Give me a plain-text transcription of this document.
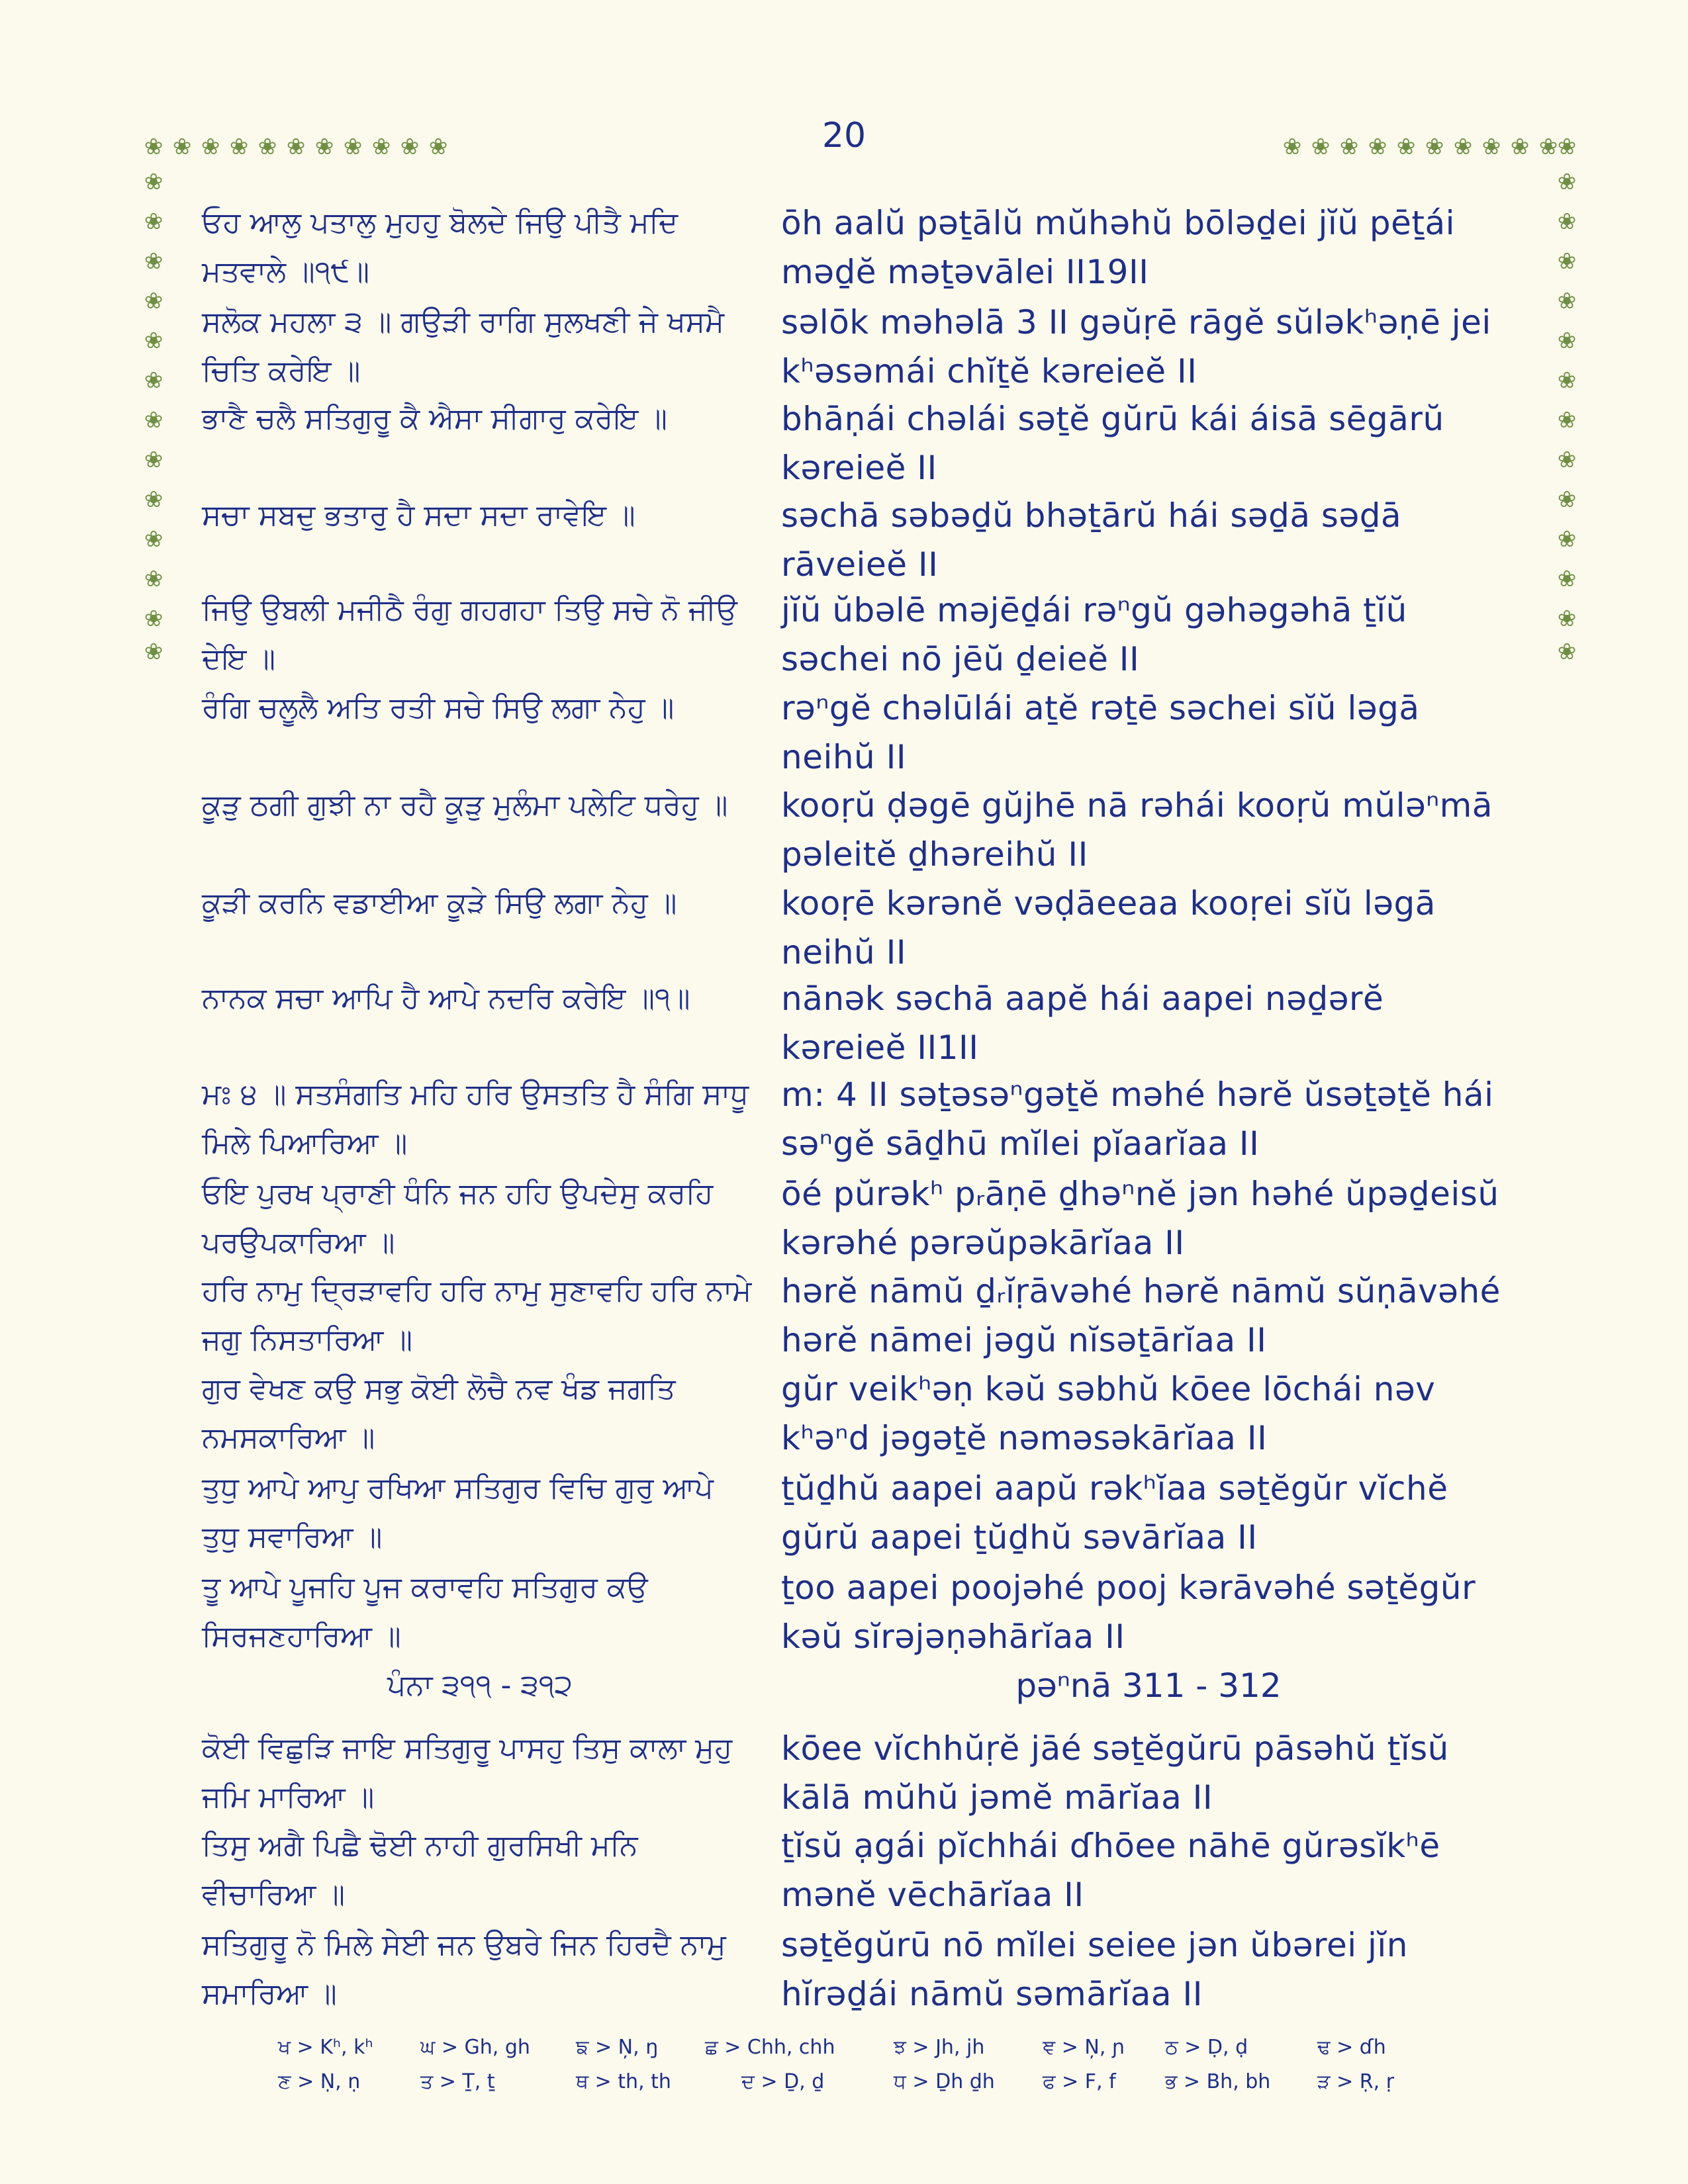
20
❀
❀
❀
❀
❀
❀
❀
❀
❀
❀
❀
❀
❀
❀
❀
❀
❀
❀
❀
❀
❀
❀
❀
❀
❀
❀
❀
❀
❀
❀
❀
❀
❀
❀
❀
❀
❀
❀
❀
❀
❀
❀
❀
❀
❀
❀
❀
❀
ਓਹ ਆਲੁ ਪਤਾਲੁ ਮੁਹਹੁ ਬੋਲਦੇ ਜਿਉ ਪੀਤੈ ਮਦਿ ਮਤਵਾਲੇ ॥੧੯॥
ōh aalŭ pəṯālŭ mŭhəhŭ bōləḏei jĭŭ pēṯái məḏĕ məṯəvālei II19II
ਸਲੋਕ ਮਹਲਾ ੩ ॥ ਗਉੜੀ ਰਾਗਿ ਸੁਲਖਣੀ ਜੇ ਖਸਮੈ ਚਿਤਿ ਕਰੇਇ ॥
səlōk məhəlā 3 II gəŭṛē rāgĕ sŭləkʰəṇē jei kʰəsəmái chĭṯĕ kəreieĕ II
ਭਾਣੈ ਚਲੈ ਸਤਿਗੁਰੂ ਕੈ ਐਸਾ ਸੀਗਾਰੁ ਕਰੇਇ ॥	bhāṇái chəlái səṯĕ gŭrū kái áisā sēgārŭ kəreieĕ II
ਸਚਾ ਸਬਦੁ ਭਤਾਰੁ ਹੈ ਸਦਾ ਸਦਾ ਰਾਵੇਇ ॥	səchā səbəḏŭ bhəṯārŭ hái səḏā səḏā rāveieĕ II
ਜਿਉ ਉਬਲੀ ਮਜੀਠੈ ਰੰਗੁ ਗਹਗਹਾ ਤਿਉ ਸਚੇ ਨੋ ਜੀਉ ਦੇਇ ॥
jĭŭ ŭbəlē məjēḏái rəⁿgŭ gəhəgəhā ṯĭŭ səchei nō jēŭ ḏeieĕ II
ਰੰਗਿ ਚਲੂਲੈ ਅਤਿ ਰਤੀ ਸਚੇ ਸਿਉ ਲਗਾ ਨੇਹੁ ॥	rəⁿgĕ chəlūlái aṯĕ rəṯē səchei sĭŭ ləgā neihŭ II
ਕੂੜੁ ਠਗੀ ਗੁਝੀ ਨਾ ਰਹੈ ਕੂੜੁ ਮੁਲੰਮਾ ਪਲੇਟਿ ਧਰੇਹੁ ॥	kooṛŭ ḍəgē gŭjhē nā rəhái kooṛŭ mŭləⁿmā pəleitĕ ḏhəreihŭ II
ਕੂੜੀ ਕਰਨਿ ਵਡਾਈਆ ਕੂੜੇ ਸਿਉ ਲਗਾ ਨੇਹੁ ॥	kooṛē kərənĕ vəḍāeeaa kooṛei sĭŭ ləgā neihŭ II
ਨਾਨਕ ਸਚਾ ਆਪਿ ਹੈ ਆਪੇ ਨਦਰਿ ਕਰੇਇ ॥੧॥	nānək səchā aapĕ hái aapei nəḏərĕ kəreieĕ II1II
ਮਃ ੪ ॥ ਸਤਸੰਗਤਿ ਮਹਿ ਹਰਿ ਉਸਤਤਿ ਹੈ ਸੰਗਿ ਸਾਧੂ ਮਿਲੇ ਪਿਆਰਿਆ ॥
m: 4 II səṯəsəⁿgəṯĕ məhé hərĕ ŭsəṯəṯĕ hái səⁿgĕ sāḏhū mĭlei pĭaarĭaa II
ਓਇ ਪੁਰਖ ਪ੍ਰਾਣੀ ਧੰਨਿ ਜਨ ਹਹਿ ਉਪਦੇਸੁ ਕਰਹਿ ਪਰਉਪਕਾਰਿਆ ॥
ōé pŭrəkʰ pᵣāṇē ḏhəⁿnĕ jən həhé ŭpəḏeisŭ kərəhé pərəŭpəkārĭaa II
ਹਰਿ ਨਾਮੁ ਦ੍ਰਿੜਾਵਹਿ ਹਰਿ ਨਾਮੁ ਸੁਣਾਵਹਿ ਹਰਿ ਨਾਮੇ ਜਗੁ ਨਿਸਤਾਰਿਆ ॥
hərĕ nāmŭ ḏᵣĭṛāvəhé hərĕ nāmŭ sŭṇāvəhé hərĕ nāmei jəgŭ nĭsəṯārĭaa II
ਗੁਰ ਵੇਖਣ ਕਉ ਸਭੁ ਕੋਈ ਲੋਚੈ ਨਵ ਖੰਡ ਜਗਤਿ ਨਮਸਕਾਰਿਆ ॥
gŭr veikʰəṇ kəŭ səbhŭ kōee lōchái nəv kʰəⁿd jəgəṯĕ nəməsəkārĭaa II
ਤੁਧੁ ਆਪੇ ਆਪੁ ਰਖਿਆ ਸਤਿਗੁਰ ਵਿਚਿ ਗੁਰੁ ਆਪੇ ਤੁਧੁ ਸਵਾਰਿਆ ॥
ṯŭḏhŭ aapei aapŭ rəkʰĭaa səṯĕgŭr vĭchĕ gŭrŭ aapei ṯŭḏhŭ səvārĭaa II
ਤੂ ਆਪੇ ਪੂਜਹਿ ਪੂਜ ਕਰਾਵਹਿ ਸਤਿਗੁਰ ਕਉ ਸਿਰਜਣਹਾਰਿਆ ॥
ṯoo aapei poojəhé pooj kərāvəhé səṯĕgŭr kəŭ sĭrəjəṇəhārĭaa II
ਪੰਨਾ ੩੧੧ - ੩੧੨	pəⁿnā 311 - 312
ਕੋਈ ਵਿਛੁੜਿ ਜਾਇ ਸਤਿਗੁਰੂ ਪਾਸਹੁ ਤਿਸੁ ਕਾਲਾ ਮੁਹੁ ਜਮਿ ਮਾਰਿਆ ॥
kōee vĭchhŭṛĕ jāé səṯĕgŭrū pāsəhŭ ṯĭsŭ kālā mŭhŭ jəmĕ mārĭaa II
ਤਿਸੁ ਅਗੈ ਪਿਛੈ ਢੋਈ ਨਾਹੀ ਗੁਰਸਿਖੀ ਮਨਿ ਵੀਚਾਰਿਆ ॥
ṯĭsŭ ạgái pĭchhái ɗhōee nāhē gŭrəsĭkʰē mənĕ vēchārĭaa II
ਸਤਿਗੁਰੂ ਨੋ ਮਿਲੇ ਸੇਈ ਜਨ ਉਬਰੇ ਜਿਨ ਹਿਰਦੈ ਨਾਮੁ ਸਮਾਰਿਆ ॥
səṯĕgŭrū nō mĭlei seiee jən ŭbərei jĭn hĭrəḏái nāmŭ səmārĭaa II
ਖ > Kʰ, kʰ ਘ > Gh, gh ਙ > N̦, ŋ ਛ > Chh, chh	ਝ > Jh, jh	ਞ > N̦, ɲ ਠ > Ḍ, ḍ	ਢ > ɗh
ਣ > Ṇ, ṇ	ਤ > Ṯ, ṯ	ਥ > th, th	ਦ > Ḏ, ḏ	ਧ > Ḏh ḏh ਫ > F, f ਭ > Bh, bh ੜ > Ṛ, ṛ
